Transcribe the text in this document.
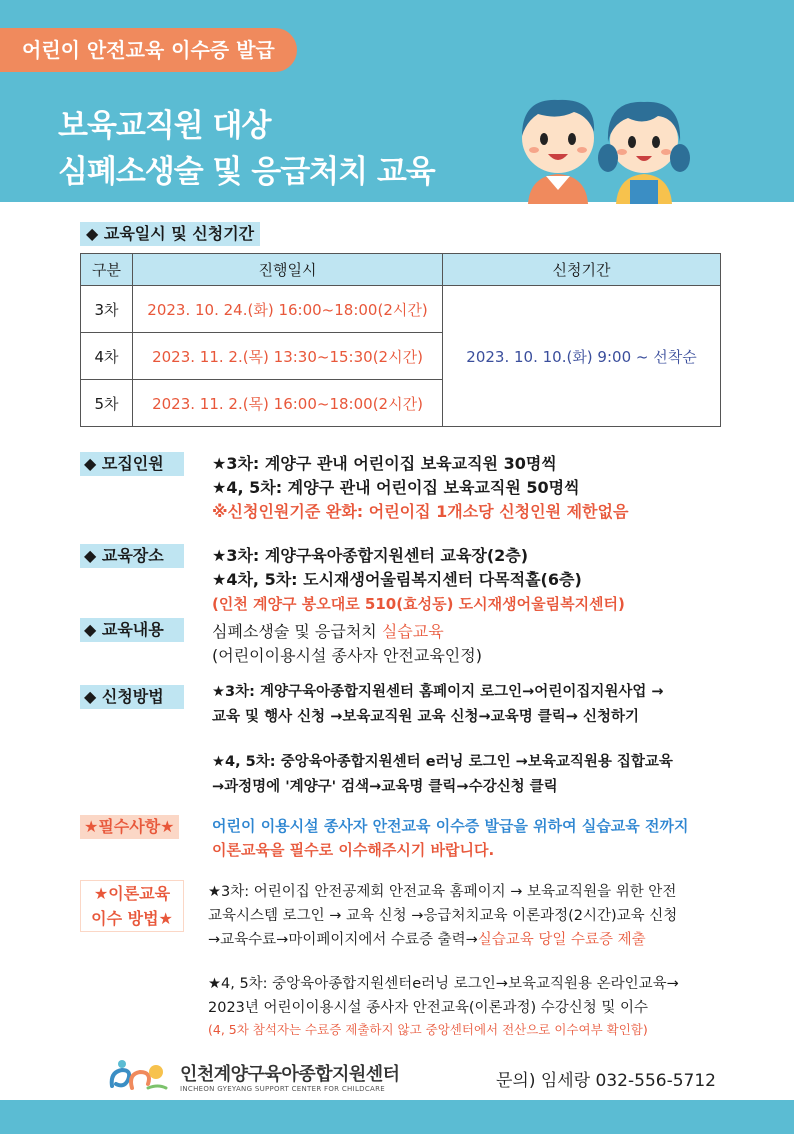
어린이 안전교육 이수증 발급
보육교직원 대상
심폐소생술 및 응급처치 교육
◆ 교육일시 및 신청기간
구분	진행일시	신청기간
3차	2023. 10. 24.(화) 16:00~18:00(2시간)	2023. 10. 10.(화) 9:00 ~ 선착순
4차	2023. 11. 2.(목) 13:30~15:30(2시간)	
5차	2023. 11. 2.(목) 16:00~18:00(2시간)	
◆ 모집인원	★3차: 계양구 관내 어린이집 보육교직원 30명씩
★4, 5차: 계양구 관내 어린이집 보육교직원 50명씩
※신청인원기준 완화: 어린이집 1개소당 신청인원 제한없음
◆ 교육장소	★3차: 계양구육아종합지원센터 교육장(2층)
★4차, 5차: 도시재생어울림복지센터 다목적홀(6층)
(인천 계양구 봉오대로 510(효성동) 도시재생어울림복지센터)
◆ 교육내용	심폐소생술 및 응급처치 실습교육
(어린이이용시설 종사자 안전교육인정)
◆ 신청방법	★3차: 계양구육아종합지원센터 홈페이지 로그인→어린이집지원사업 →
교육 및 행사 신청 →보육교직원 교육 신청→교육명 클릭→ 신청하기
★4, 5차: 중앙육아종합지원센터 e러닝 로그인 →보육교직원용 집합교육
→과정명에 '계양구' 검색→교육명 클릭→수강신청 클릭
★필수사항★ 어린이 이용시설 종사자 안전교육 이수증 발급을 위하여 실습교육 전까지
이론교육을 필수로 이수해주시기 바랍니다.
★이론교육
이수 방법★
★3차: 어린이집 안전공제회 안전교육 홈페이지 → 보육교직원을 위한 안전
교육시스템 로그인 → 교육 신청 →응급처치교육 이론과정(2시간)교육 신청
→교육수료→마이페이지에서 수료증 출력→실습교육 당일 수료증 제출
★4, 5차: 중앙육아종합지원센터e러닝 로그인→보육교직원용 온라인교육→
2023년 어린이이용시설 종사자 안전교육(이론과정) 수강신청 및 이수
(4, 5차 참석자는 수료증 제출하지 않고 중앙센터에서 전산으로 이수여부 확인함)
인천계양구육아종합지원센터
INCHEON GYEYANG SUPPORT CENTER FOR CHILDCARE	문의) 임세랑 032-556-5712
